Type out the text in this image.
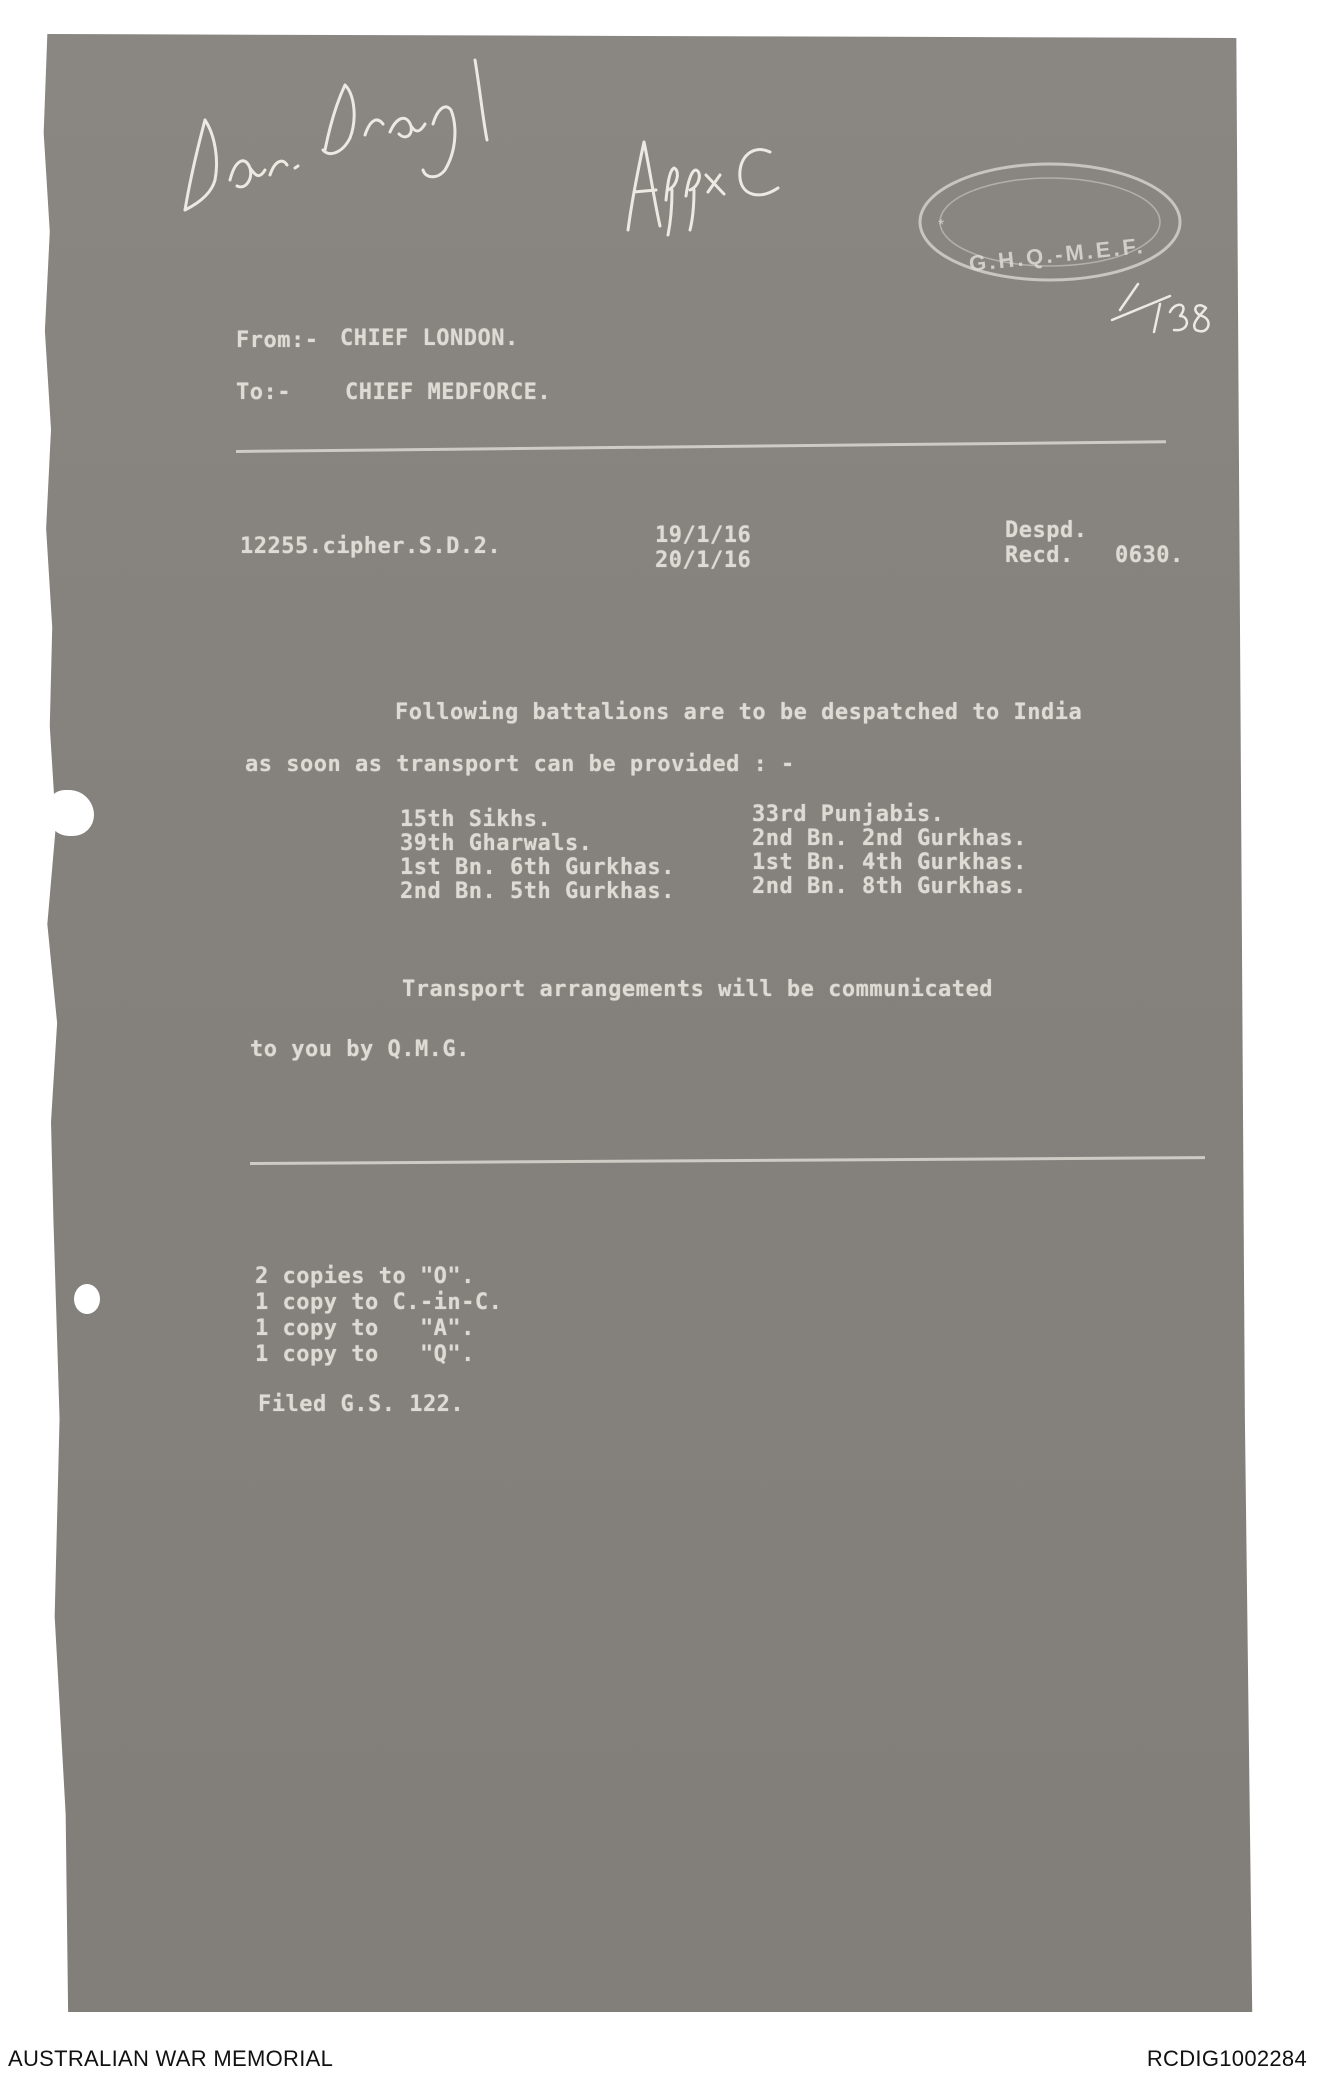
G.H.Q.-M.E.F.
*
From:- CHIEF LONDON.
To:- CHIEF MEDFORCE.
12255.cipher.S.D.2.	19/1/16
20/1/16
Despd.
Recd. 0630.
Following battalions are to be despatched to India
as soon as transport can be provided : -
15th Sikhs.
39th Gharwals.
1st Bn. 6th Gurkhas.
2nd Bn. 5th Gurkhas.
33rd Punjabis.
2nd Bn. 2nd Gurkhas.
1st Bn. 4th Gurkhas.
2nd Bn. 8th Gurkhas.
Transport arrangements will be communicated
to you by Q.M.G.
2 copies to "O".
1 copy to C.-in-C.
1 copy to   "A".
1 copy to   "Q".
Filed G.S. 122.
AUSTRALIAN WAR MEMORIAL	RCDIG1002284
